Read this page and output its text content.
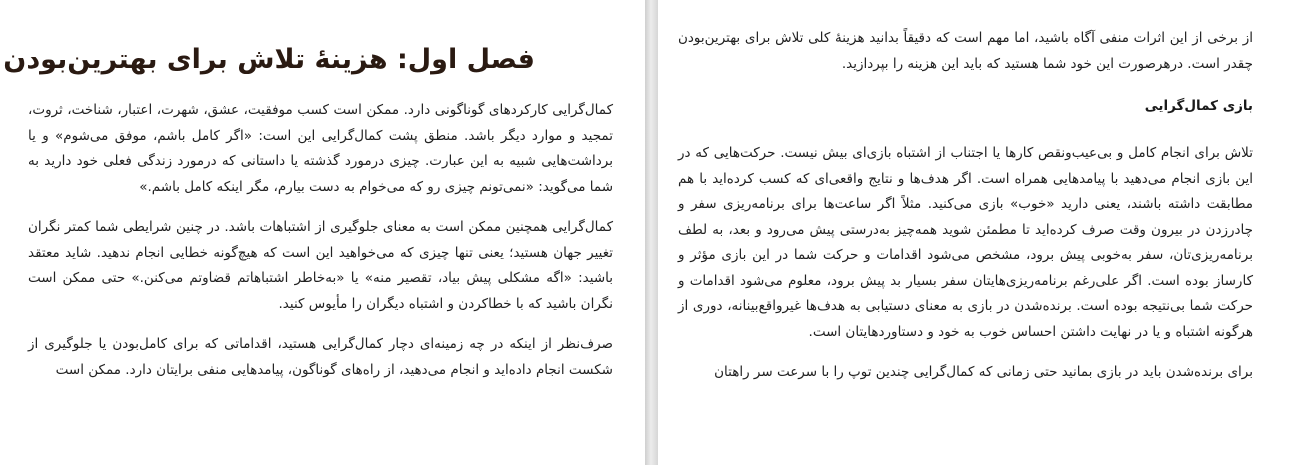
فصل اول: هزینهٔ تلاش برای بهترین‌بودن

کمال‌گرایی کارکردهای گوناگونی دارد. ممکن است کسب موفقیت، عشق، شهرت، اعتبار، شناخت، ثروت، تمجید و موارد دیگر باشد. منطق پشت کمال‌گرایی این است: «اگر کامل باشم، موفق می‌شوم» و یا برداشت‌هایی شبیه به این عبارت. چیزی درمورد گذشته یا داستانی که درمورد زندگی فعلی خود دارید به شما می‌گوید: «نمی‌تونم چیزی رو که می‌خوام به دست بیارم، مگر اینکه کامل باشم.»

کمال‌گرایی همچنین ممکن است به معنای جلوگیری از اشتباهات باشد. در چنین شرایطی شما کمتر نگران تغییر جهان هستید؛ یعنی تنها چیزی که می‌خواهید این است که هیچ‌گونه خطایی انجام ندهید. شاید معتقد باشید: «اگه مشکلی پیش بیاد، تقصیر منه» یا «به‌خاطر اشتباهاتم قضاوتم می‌کنن.» حتی ممکن است نگران باشید که با خطاکردن و اشتباه دیگران را مأیوس کنید.

صرف‌نظر از اینکه در چه زمینه‌ای دچار کمال‌گرایی هستید، اقداماتی که برای کامل‌بودن یا جلوگیری از شکست انجام داده‌اید و انجام می‌دهید، از راه‌های گوناگون، پیامدهایی منفی برایتان دارد. ممکن است

از برخی از این اثرات منفی آگاه باشید، اما مهم است که دقیقاً بدانید هزینهٔ کلی تلاش برای بهترین‌بودن چقدر است. درهرصورت این خود شما هستید که باید این هزینه را بپردازید.

بازی کمال‌گرایی

تلاش برای انجام کامل و بی‌عیب‌ونقص کارها یا اجتناب از اشتباه بازی‌ای بیش نیست. حرکت‌هایی که در این بازی انجام می‌دهید با پیامدهایی همراه است. اگر هدف‌ها و نتایج واقعی‌ای که کسب کرده‌اید با هم مطابقت داشته باشند، یعنی دارید «خوب» بازی می‌کنید. مثلاً اگر ساعت‌ها برای برنامه‌ریزی سفر و چادرزدن در بیرون وقت صرف کرده‌اید تا مطمئن شوید همه‌چیز به‌درستی پیش می‌رود و بعد، به لطف برنامه‌ریزی‌تان، سفر به‌خوبی پیش برود، مشخص می‌شود اقدامات و حرکت شما در این بازی مؤثر و کارساز بوده است. اگر علی‌رغم برنامه‌ریزی‌هایتان سفر بسیار بد پیش برود، معلوم می‌شود اقدامات و حرکت شما بی‌نتیجه بوده است. برنده‌شدن در بازی به معنای دستیابی به هدف‌ها غیرواقع‌بینانه، دوری از هرگونه اشتباه و یا در نهایت داشتن احساس خوب به خود و دستاوردهایتان است.

برای برنده‌شدن باید در بازی بمانید حتی زمانی که کمال‌گرایی چندین توپ را با سرعت سر راهتان
